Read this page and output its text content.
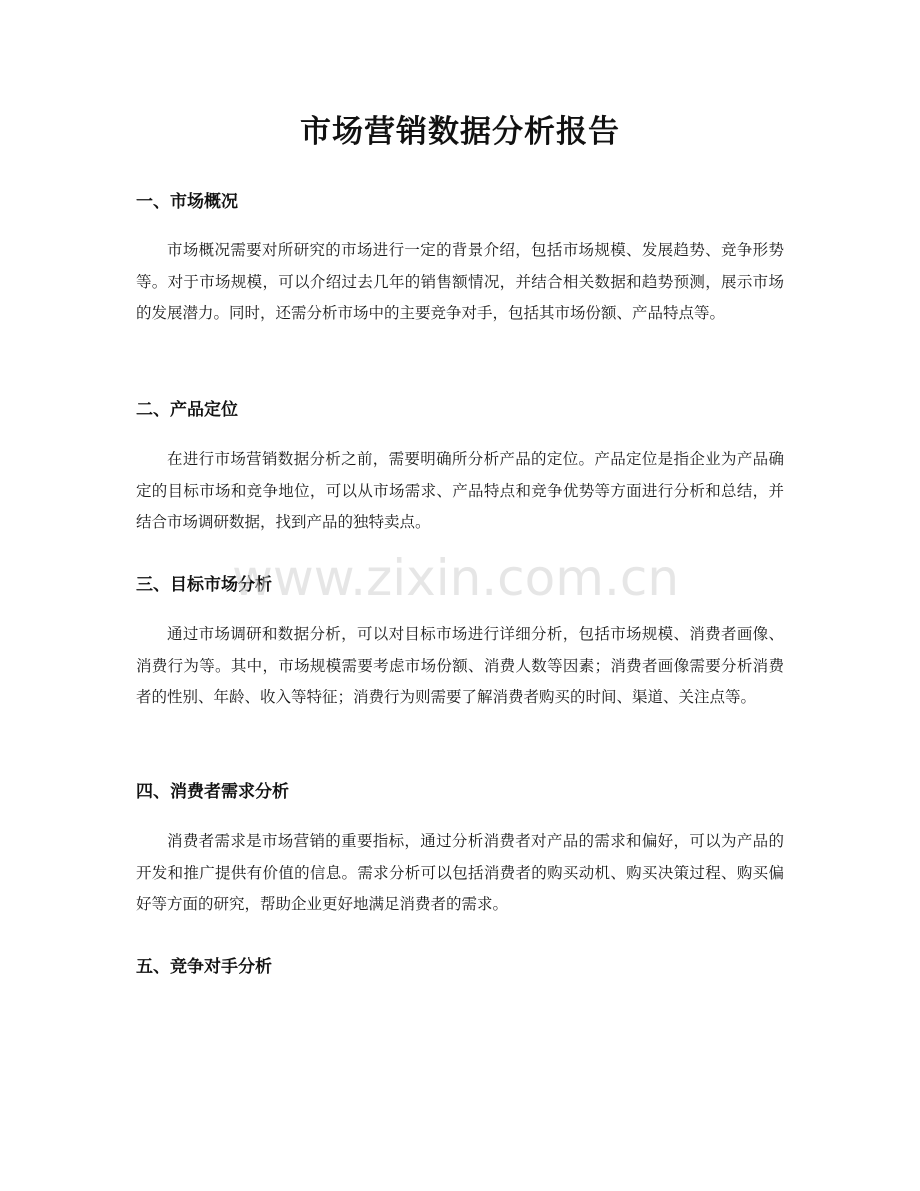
市场营销数据分析报告
一、市场概况

市场概况需要对所研究的市场进行一定的背景介绍，包括市场规模、发展趋势、竞争形势等。对于市场规模，可以介绍过去几年的销售额情况，并结合相关数据和趋势预测，展示市场的发展潜力。同时，还需分析市场中的主要竞争对手，包括其市场份额、产品特点等。

二、产品定位

在进行市场营销数据分析之前，需要明确所分析产品的定位。产品定位是指企业为产品确定的目标市场和竞争地位，可以从市场需求、产品特点和竞争优势等方面进行分析和总结，并结合市场调研数据，找到产品的独特卖点。

三、目标市场分析

通过市场调研和数据分析，可以对目标市场进行详细分析，包括市场规模、消费者画像、消费行为等。其中，市场规模需要考虑市场份额、消费人数等因素；消费者画像需要分析消费者的性别、年龄、收入等特征；消费行为则需要了解消费者购买的时间、渠道、关注点等。

四、消费者需求分析

消费者需求是市场营销的重要指标，通过分析消费者对产品的需求和偏好，可以为产品的开发和推广提供有价值的信息。需求分析可以包括消费者的购买动机、购买决策过程、购买偏好等方面的研究，帮助企业更好地满足消费者的需求。

五、竞争对手分析
www.zixin.com.cn
